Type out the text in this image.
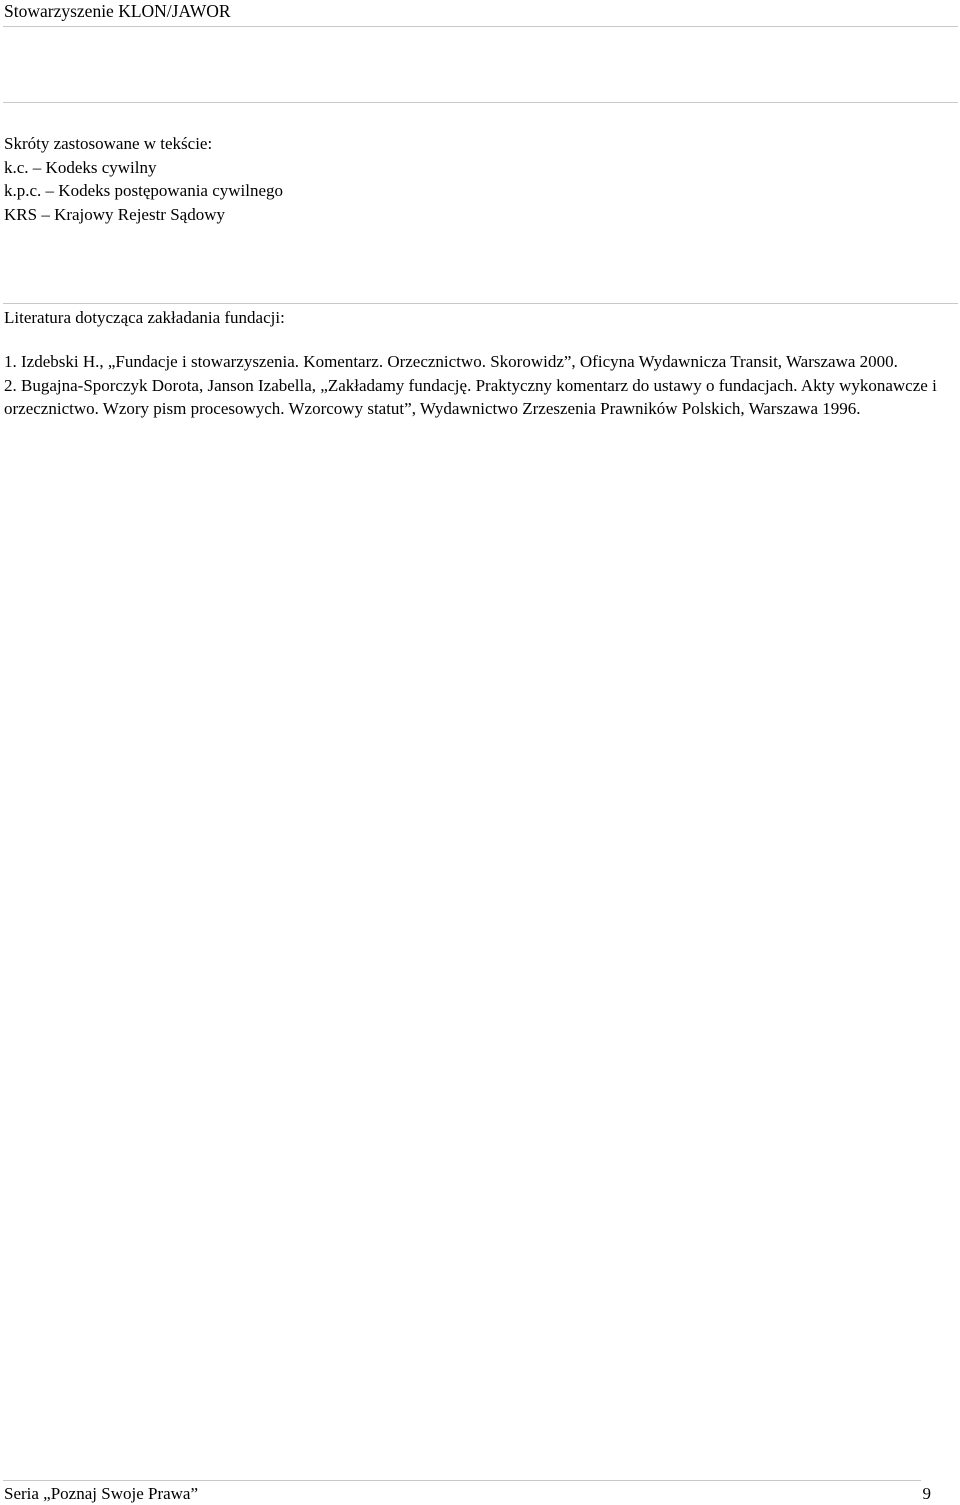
Stowarzyszenie KLON/JAWOR
Skróty zastosowane w tekście:
k.c. – Kodeks cywilny
k.p.c. – Kodeks postępowania cywilnego
KRS – Krajowy Rejestr Sądowy
Literatura dotycząca zakładania fundacji:
1. Izdebski H., „Fundacje i stowarzyszenia. Komentarz. Orzecznictwo. Skorowidz”, Oficyna Wydawnicza Transit, Warszawa 2000.
2. Bugajna-Sporczyk Dorota, Janson Izabella, „Zakładamy fundację. Praktyczny komentarz do ustawy o fundacjach. Akty wykonawcze i orzecznictwo. Wzory pism procesowych. Wzorcowy statut”, Wydawnictwo Zrzeszenia Prawników Polskich, Warszawa 1996.
Seria „Poznaj Swoje Prawa”	9
